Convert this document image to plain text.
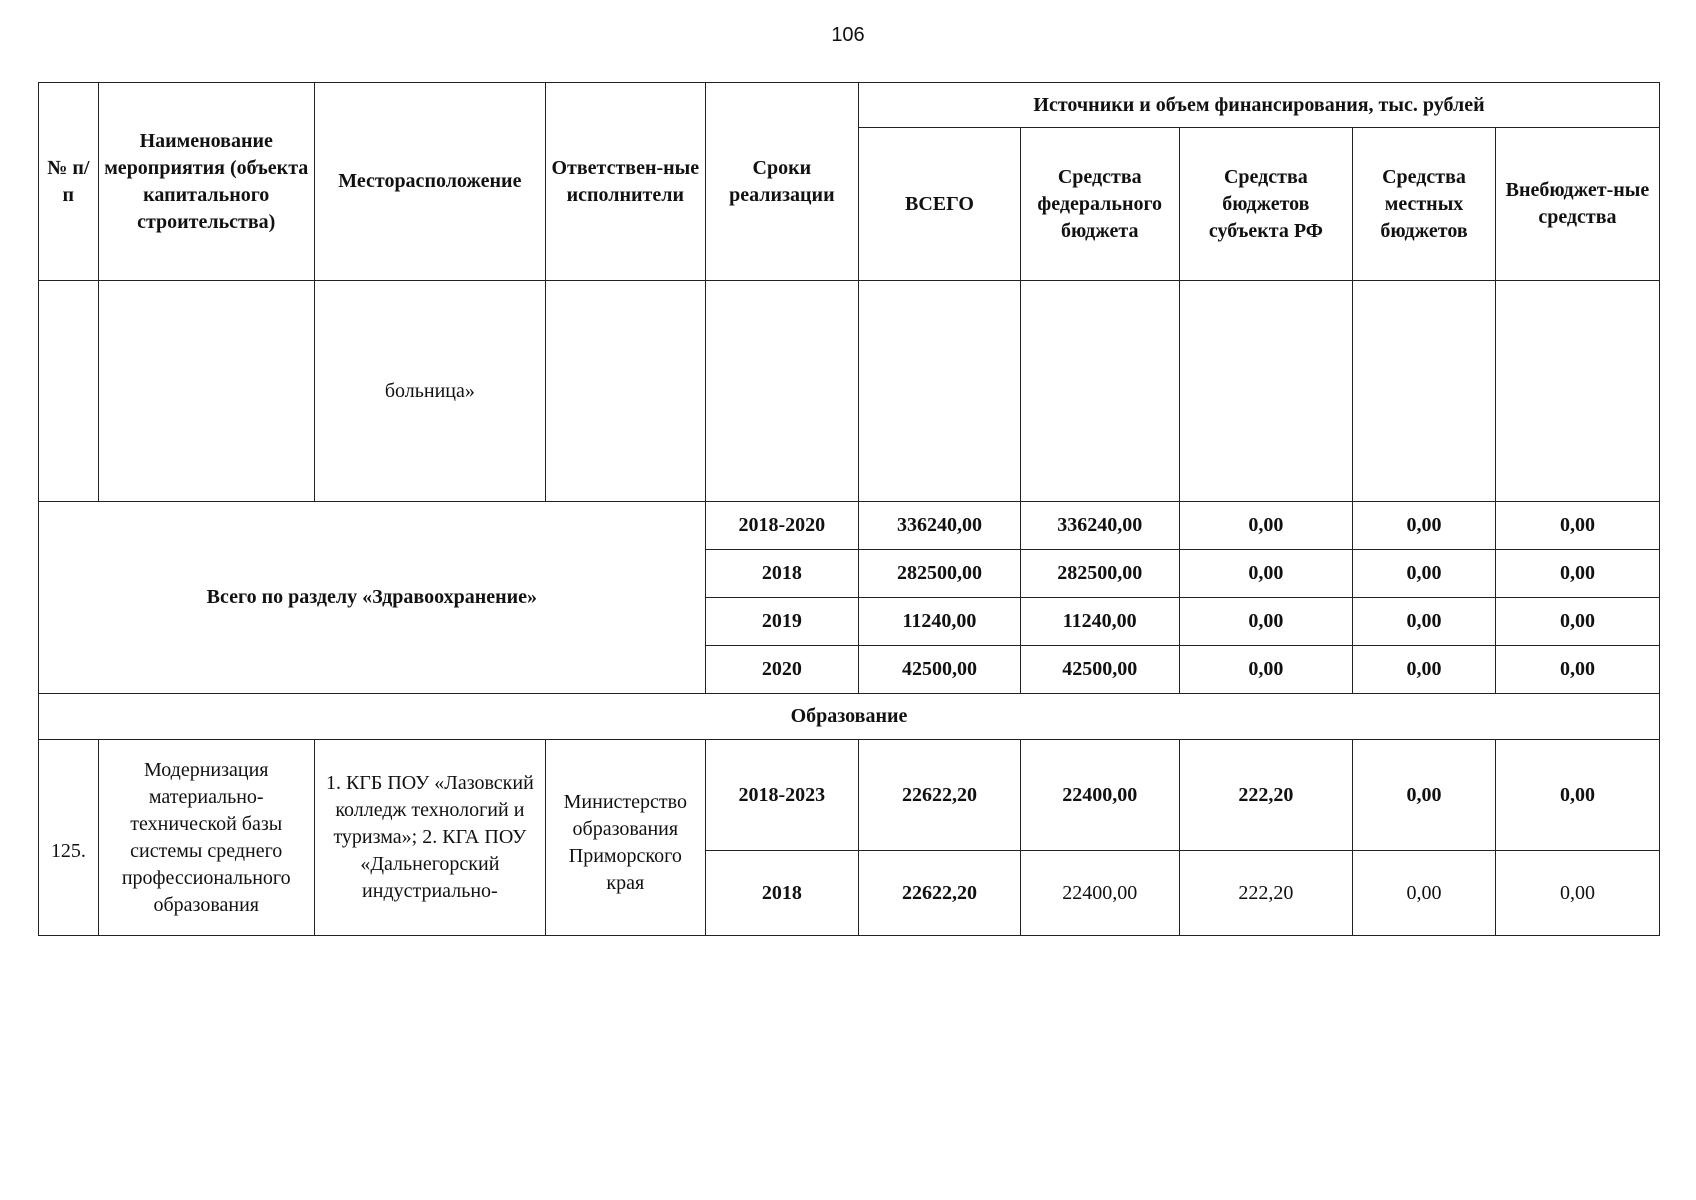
106
№ п/п	Наименование мероприятия (объекта капитального строительства)	Месторасположение	Ответствен-ные исполнители	Сроки реализации	Источники и объем финансирования, тыс. рублей				
					ВСЕГО	Средства федерального бюджета	Средства бюджетов субъекта РФ	Средства местных бюджетов	Внебюджет-ные средства
		больница»							
Всего по разделу «Здравоохранение»				2018-2020	336240,00	336240,00	0,00	0,00	0,00
				2018	282500,00	282500,00	0,00	0,00	0,00
				2019	11240,00	11240,00	0,00	0,00	0,00
				2020	42500,00	42500,00	0,00	0,00	0,00
Образование									
125.	Модернизация материально-технической базы системы среднего профессионального образования	1. КГБ ПОУ «Лазовский колледж технологий и туризма»; 2. КГА ПОУ «Дальнегорский индустриально-	Министерство образования Приморского края	2018-2023	22622,20	22400,00	222,20	0,00	0,00
				2018	22622,20	22400,00	222,20	0,00	0,00
